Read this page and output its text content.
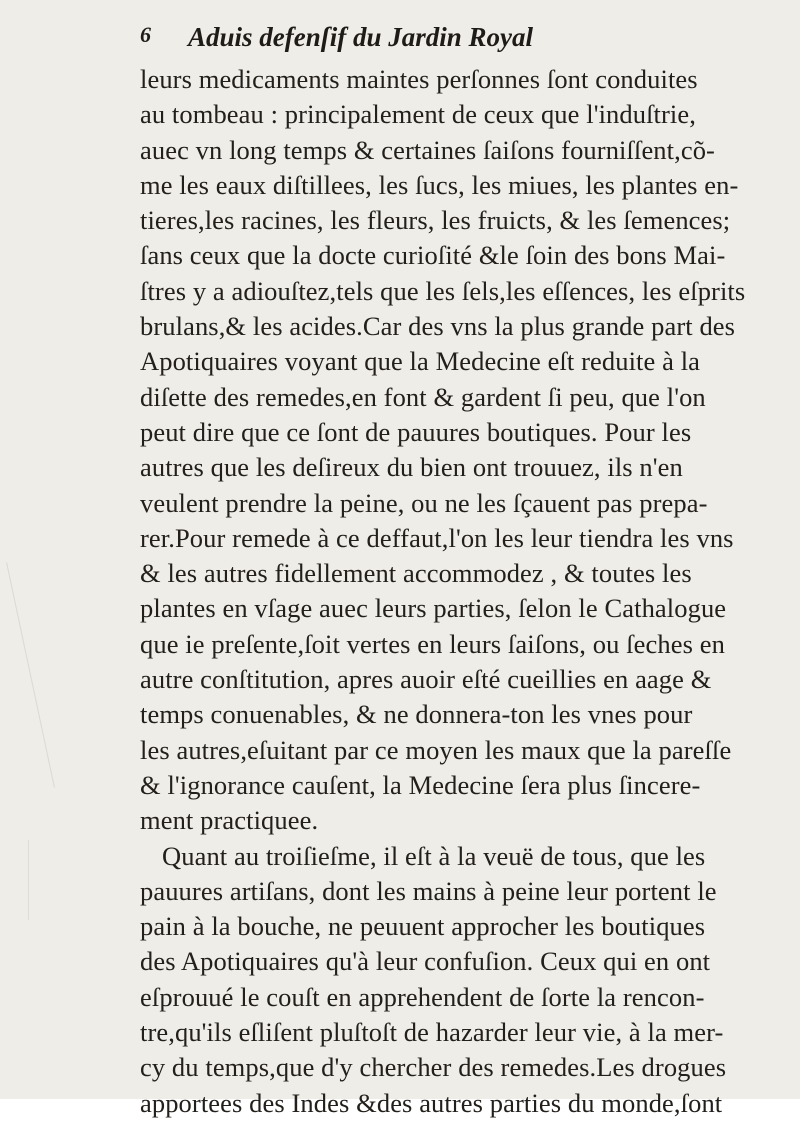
6 Aduis defenſif du Jardin Royal
leurs medicaments maintes perſonnes ſont conduites
au tombeau : principalement de ceux que l'induſtrie,
auec vn long temps & certaines ſaiſons fourniſſent,cõ-
me les eaux diſtillees, les ſucs, les miues, les plantes en-
tieres,les racines, les fleurs, les fruicts, & les ſemences;
ſans ceux que la docte curioſité &le ſoin des bons Mai-
ſtres y a adiouſtez,tels que les ſels,les eſſences, les eſprits
brulans,& les acides.Car des vns la plus grande part des
Apotiquaires voyant que la Medecine eſt reduite à la
diſette des remedes,en font & gardent ſi peu, que l'on
peut dire que ce ſont de pauures boutiques. Pour les
autres que les deſireux du bien ont trouuez, ils n'en
veulent prendre la peine, ou ne les ſçauent pas prepa-
rer.Pour remede à ce deffaut,l'on les leur tiendra les vns
& les autres fidellement accommodez , & toutes les
plantes en vſage auec leurs parties, ſelon le Cathalogue
que ie preſente,ſoit vertes en leurs ſaiſons, ou ſeches en
autre conſtitution, apres auoir eſté cueillies en aage &
temps conuenables, & ne donnera-ton les vnes pour
les autres,eſuitant par ce moyen les maux que la pareſſe
& l'ignorance cauſent, la Medecine ſera plus ſincere-
ment practiquee.
Quant au troiſieſme, il eſt à la veuë de tous, que les
pauures artiſans, dont les mains à peine leur portent le
pain à la bouche, ne peuuent approcher les boutiques
des Apotiquaires qu'à leur confuſion. Ceux qui en ont
eſprouué le couſt en apprehendent de ſorte la rencon-
tre,qu'ils eſliſent pluſtoſt de hazarder leur vie, à la mer-
cy du temps,que d'y chercher des remedes.Les drogues
apportees des Indes &des autres parties du monde,ſont
